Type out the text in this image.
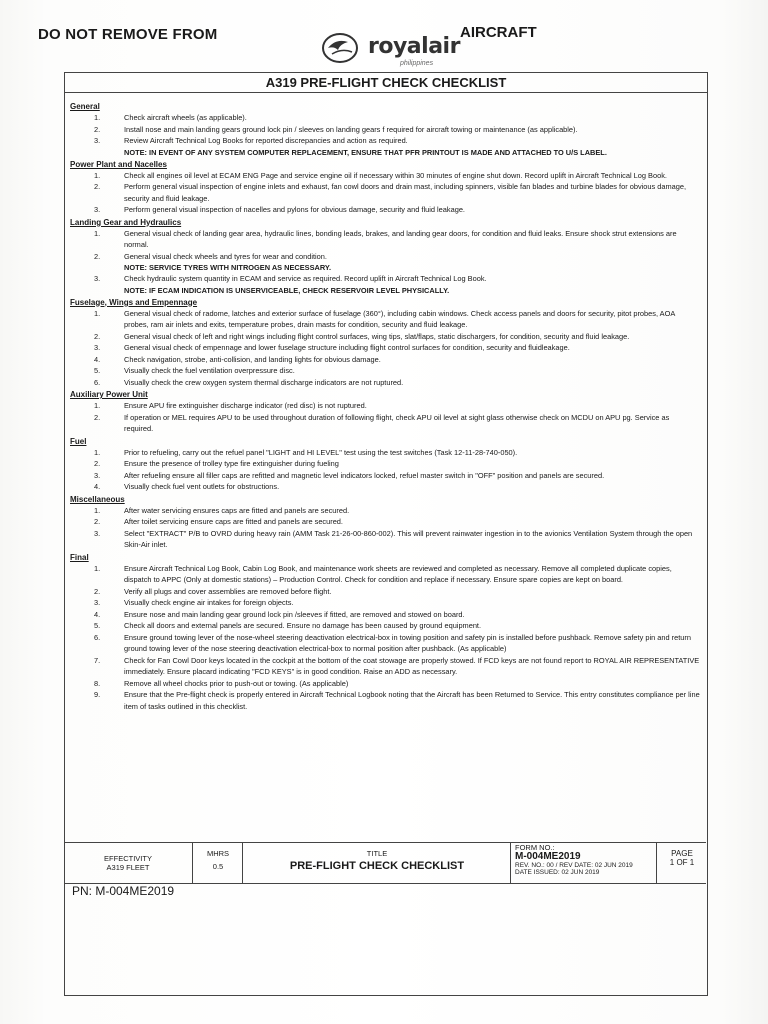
DO NOT REMOVE FROM	royalair
philippines
AIRCRAFT
A319 PRE-FLIGHT CHECK CHECKLIST
General
1.	Check aircraft wheels (as applicable).
2.	Install nose and main landing gears ground lock pin / sleeves on landing gears f required for aircraft towing or maintenance (as applicable).
3.	Review Aircraft Technical Log Books for reported discrepancies and action as required.
NOTE: IN EVENT OF ANY SYSTEM COMPUTER REPLACEMENT, ENSURE THAT PFR PRINTOUT IS MADE AND ATTACHED TO U/S LABEL.
Power Plant and Nacelles
1.	Check all engines oil level at ECAM ENG Page and service engine oil if necessary within 30 minutes of engine shut down. Record uplift in Aircraft Technical Log Book.
2.	Perform general visual inspection of engine inlets and exhaust, fan cowl doors and drain mast, including spinners, visible fan blades and turbine blades for obvious damage, security and fluid leakage.
3.	Perform general visual inspection of nacelles and pylons for obvious damage, security and fluid leakage.
Landing Gear and Hydraulics
1.	General visual check of landing gear area, hydraulic lines, bonding leads, brakes, and landing gear doors, for condition and fluid leaks. Ensure shock strut extensions are normal.
2.	General visual check wheels and tyres for wear and condition.
NOTE: SERVICE TYRES WITH NITROGEN AS NECESSARY.
3.	Check hydraulic system quantity in ECAM and service as required. Record uplift in Aircraft Technical Log Book.
NOTE: IF ECAM INDICATION IS UNSERVICEABLE, CHECK RESERVOIR LEVEL PHYSICALLY.
Fuselage, Wings and Empennage
1.	General visual check of radome, latches and exterior surface of fuselage (360°), including cabin windows. Check access panels and doors for security, pitot probes, AOA probes, ram air inlets and exits, temperature probes, drain masts for condition, security and fluid leakage.
2.	General visual check of left and right wings including flight control surfaces, wing tips, slat/flaps, static dischargers, for condition, security and fluid leakage.
3.	General visual check of empennage and lower fuselage structure including flight control surfaces for condition, security and fluidleakage.
4.	Check navigation, strobe, anti-collision, and landing lights for obvious damage.
5.	Visually check the fuel ventilation overpressure disc.
6.	Visually check the crew oxygen system thermal discharge indicators are not ruptured.
Auxiliary Power Unit
1.	Ensure APU fire extinguisher discharge indicator (red disc) is not ruptured.
2.	If operation or MEL requires APU to be used throughout duration of following flight, check APU oil level at sight glass otherwise check on MCDU on APU pg. Service as required.
Fuel
1.	Prior to refueling, carry out the refuel panel "LIGHT and HI LEVEL" test using the test switches (Task 12-11-28-740-050).
2.	Ensure the presence of trolley type fire extinguisher during fueling
3.	After refueling ensure all filler caps are refitted and magnetic level indicators locked, refuel master switch in "OFF" position and panels are secured.
4.	Visually check fuel vent outlets for obstructions.
Miscellaneous
1.	After water servicing ensures caps are fitted and panels are secured.
2.	After toilet servicing ensure caps are fitted and panels are secured.
3.	Select "EXTRACT" P/B to OVRD during heavy rain (AMM Task 21-26-00-860-002). This will prevent rainwater ingestion in to the avionics Ventilation System through the open Skin-Air inlet.
Final
1.	Ensure Aircraft Technical Log Book, Cabin Log Book, and maintenance work sheets are reviewed and completed as necessary. Remove all completed duplicate copies, dispatch to APPC (Only at domestic stations) – Production Control. Check for condition and replace if necessary. Ensure spare copies are kept on board.
2.	Verify all plugs and cover assemblies are removed before flight.
3.	Visually check engine air intakes for foreign objects.
4.	Ensure nose and main landing gear ground lock pin /sleeves if fitted, are removed and stowed on board.
5.	Check all doors and external panels are secured. Ensure no damage has been caused by ground equipment.
6.	Ensure ground towing lever of the nose-wheel steering deactivation electrical-box in towing position and safety pin is installed before pushback. Remove safety pin and return ground towing lever of the nose steering deactivation electrical-box to normal position after pushback. (As applicable)
7.	Check for Fan Cowl Door keys located in the cockpit at the bottom of the coat stowage are properly stowed. If FCD keys are not found report to ROYAL AIR REPRESENTATIVE immediately. Ensure placard indicating "FCD KEYS" is in good condition. Raise an ADD as necessary.
8.	Remove all wheel chocks prior to push-out or towing. (As applicable)
9.	Ensure that the Pre-flight check is properly entered in Aircraft Technical Logbook noting that the Aircraft has been Returned to Service. This entry constitutes compliance per line item of tasks outlined in this checklist.
EFFECTIVITY
A319 FLEET
MHRS
0.5
TITLE
PRE-FLIGHT CHECK CHECKLIST
FORM NO.:
M-004ME2019
REV. NO.: 00 / REV DATE: 02 JUN 2019
DATE ISSUED: 02 JUN 2019
PAGE
1 OF 1
PN: M-004ME2019
